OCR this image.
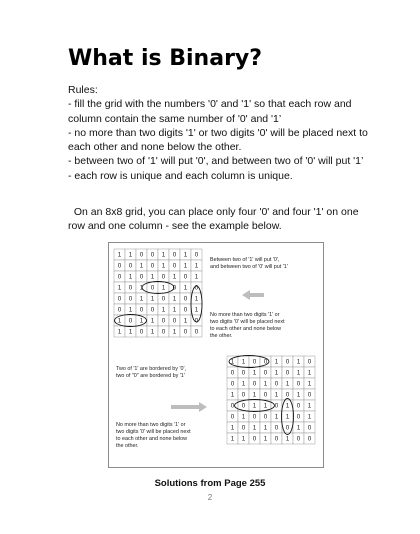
What is Binary?
Rules:
- fill the grid with the numbers '0' and '1' so that each row and column contain the same number of '0' and '1’
- no more than two digits '1' or two digits '0' will be placed next to each other and none below the other.
- between two of '1' will put '0', and between two of '0' will put '1’
- each row is unique and each column is unique.
On an 8x8 grid, you can place only four '0' and four '1' on one row and one column - see the example below.
1 1 0 0 1 0 1 0
0 0 1 0 1 0 1 1
0 1 0 1 0 1 0 1
1 0 1 0 1 0 1 0
0 0 1 1 0 1 0 1
0 1 0 0 1 1 0 1
1 0 1 1 0 0 1 0
1 1 0 1 0 1 0 0
Between two of '1' will put '0',
and between two of '0' will put '1'
No more than two digits '1' or
two digits '0' will be placed next
to each other and none below
the other.
1 1 0 0 1 0 1 0
0 0 1 0 1 0 1 1
0 1 0 1 0 1 0 1
1 0 1 0 1 0 1 0
0 0 1 1 0 1 0 1
0 1 0 0 1 1 0 1
1 0 1 1 0 0 1 0
1 1 0 1 0 1 0 0
Two of '1' are bordered by '0',
two of "0" are bordered by '1'
No more than two digits '1' or
two digits '0' will be placed next
to each other and none below
the other.
Solutions from Page 255
2
